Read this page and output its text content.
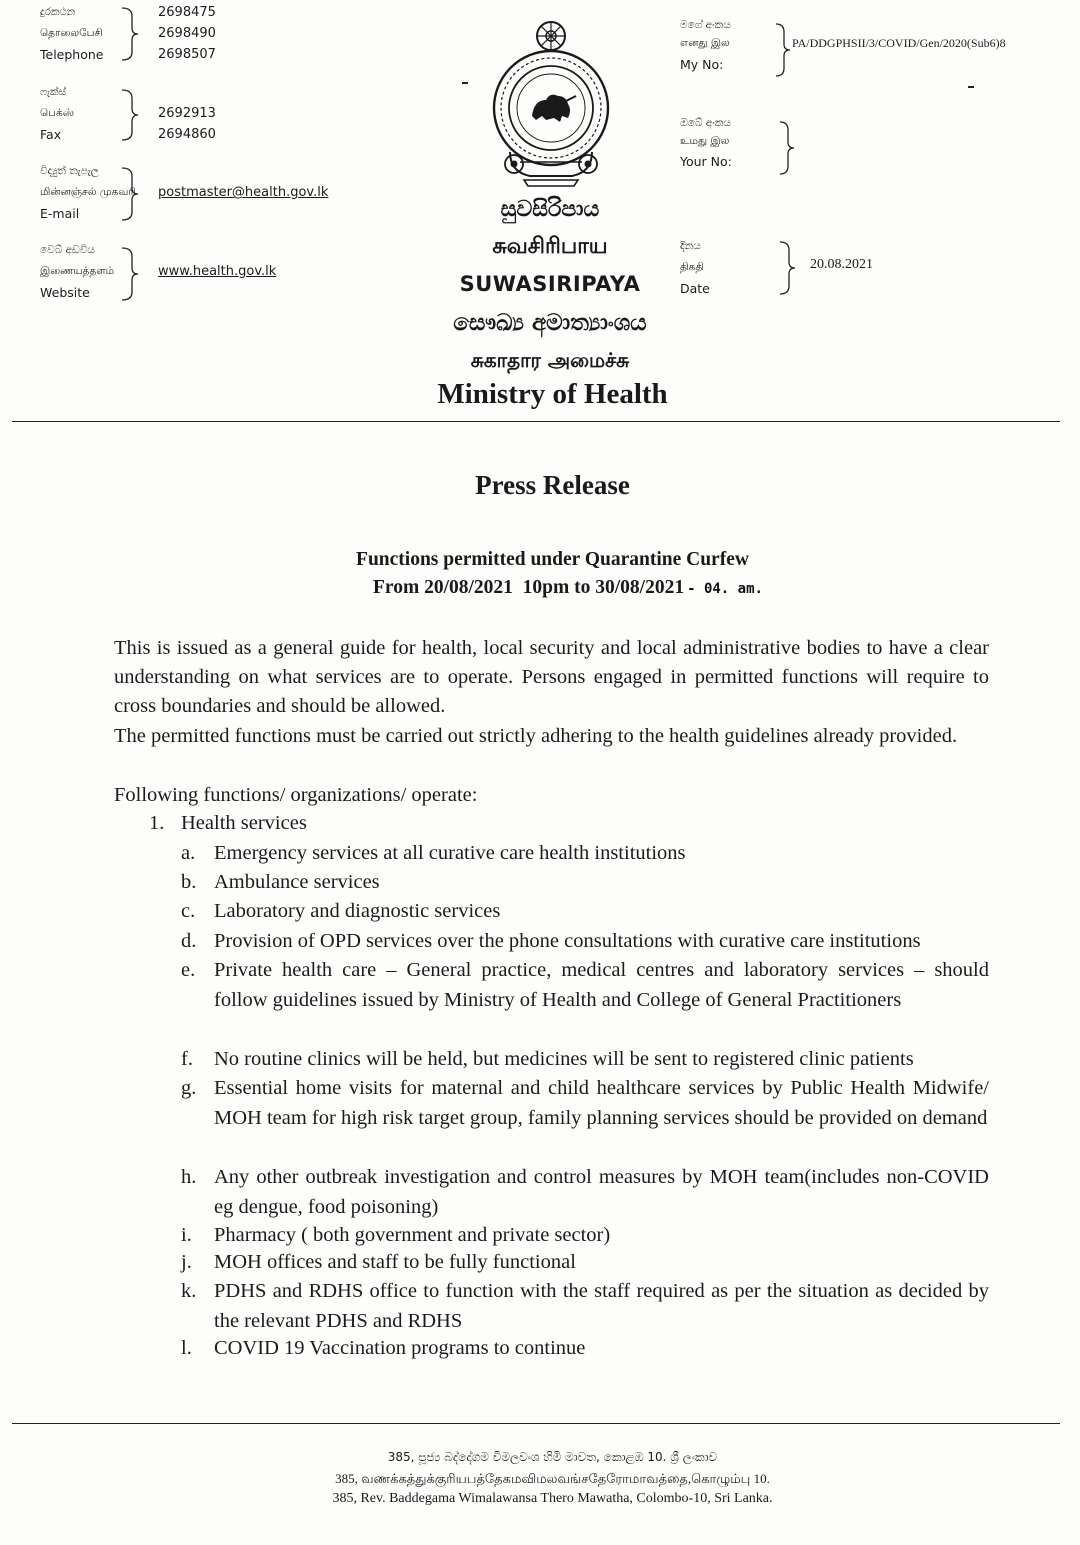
දුරකථන
தொலைபேசி
Telephone
2698475
2698490
2698507
ෆැක්ස්
பெக்ஸ்
Fax
2692913
2694860
විද්‍යුත් තැපැල
மின்னஞ்சல் முகவரி
E-mail
postmaster@health.gov.lk
වෙබ් අඩවිය
இணையத்தளம்
Website
www.health.gov.lk
සුවසිරිපාය
சுவசிரிபாய
SUWASIRIPAYA
සෞඛ්‍ය අමාත්‍යාංශය
சுகாதார அமைச்சு
Ministry of Health
මගේ අංකය
எனது இல
My No:
PA/DDGPHSII/3/COVID/Gen/2020(Sub6)8
ඔබේ අංකය
உமது இல
Your No:
දිනය
திகதி
Date
20.08.2021
Press Release
Functions permitted under Quarantine Curfew
From 20/08/2021  10pm to 30/08/2021 - 04. am.
This is issued as a general guide for health, local security and local administrative bodies to have a clear understanding on what services are to operate. Persons engaged in permitted functions will require to cross boundaries and should be allowed.
The permitted functions must be carried out strictly adhering to the health guidelines already provided.
Following functions/ organizations/ operate:
1. Health services
a. Emergency services at all curative care health institutions
b. Ambulance services
c. Laboratory and diagnostic services
d. Provision of OPD services over the phone consultations with curative care institutions
e. Private health care – General practice, medical centres and laboratory services – should follow guidelines issued by Ministry of Health and College of General Practitioners
f. No routine clinics will be held, but medicines will be sent to registered clinic patients
g. Essential home visits for maternal and child healthcare services by Public Health Midwife/ MOH team for high risk target group, family planning services should be provided on demand
h. Any other outbreak investigation and control measures by MOH team(includes non-COVID eg dengue, food poisoning)
i. Pharmacy ( both government and private sector)
j. MOH offices and staff to be fully functional
k. PDHS and RDHS office to function with the staff required as per the situation as decided by the relevant PDHS and RDHS
l. COVID 19 Vaccination programs to continue
385, පූජ්‍ය බද්දේගම විමලවංශ හිමි මාවත, කොළඹ 10. ශ්‍රී ලංකාව
385, வணக்கத்துக்குரியபத்தேகமவிமலவங்சதேரோமாவத்தை,கொழும்பு 10.
385, Rev. Baddegama Wimalawansa Thero Mawatha, Colombo-10, Sri Lanka.
